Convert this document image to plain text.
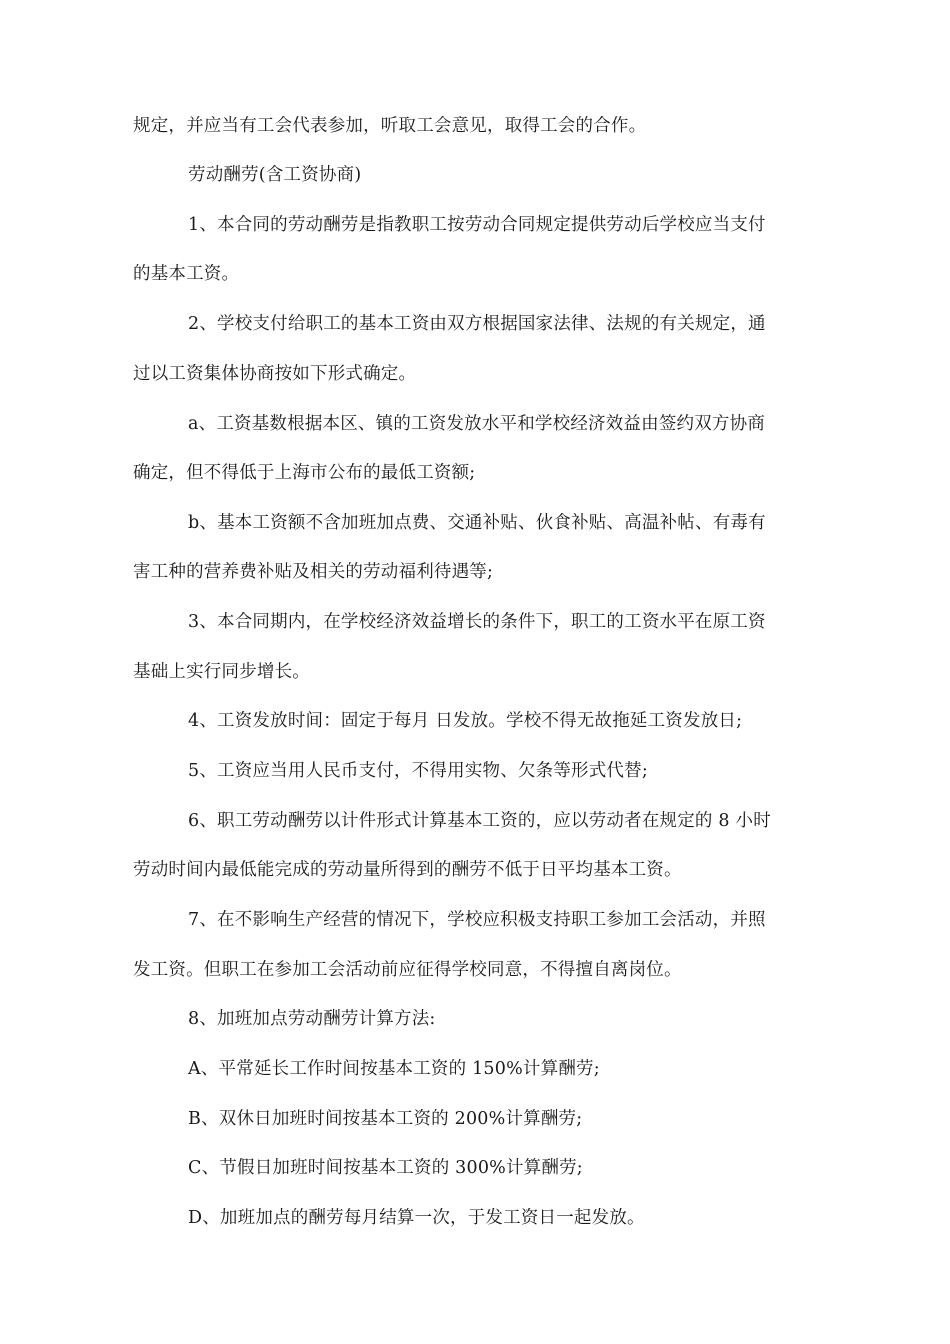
规定，并应当有工会代表参加，听取工会意见，取得工会的合作。
劳动酬劳(含工资协商)
1、本合同的劳动酬劳是指教职工按劳动合同规定提供劳动后学校应当支付
的基本工资。
2、学校支付给职工的基本工资由双方根据国家法律、法规的有关规定，通
过以工资集体协商按如下形式确定。
a、工资基数根据本区、镇的工资发放水平和学校经济效益由签约双方协商
确定，但不得低于上海市公布的最低工资额;
b、基本工资额不含加班加点费、交通补贴、伙食补贴、高温补帖、有毒有
害工种的营养费补贴及相关的劳动福利待遇等;
3、本合同期内，在学校经济效益增长的条件下，职工的工资水平在原工资
基础上实行同步增长。
4、工资发放时间：固定于每月 日发放。学校不得无故拖延工资发放日;
5、工资应当用人民币支付，不得用实物、欠条等形式代替;
6、职工劳动酬劳以计件形式计算基本工资的，应以劳动者在规定的 8 小时
劳动时间内最低能完成的劳动量所得到的酬劳不低于日平均基本工资。
7、在不影响生产经营的情况下，学校应积极支持职工参加工会活动，并照
发工资。但职工在参加工会活动前应征得学校同意，不得擅自离岗位。
8、加班加点劳动酬劳计算方法:
A、平常延长工作时间按基本工资的 150%计算酬劳;
B、双休日加班时间按基本工资的 200%计算酬劳;
C、节假日加班时间按基本工资的 300%计算酬劳;
D、加班加点的酬劳每月结算一次，于发工资日一起发放。
